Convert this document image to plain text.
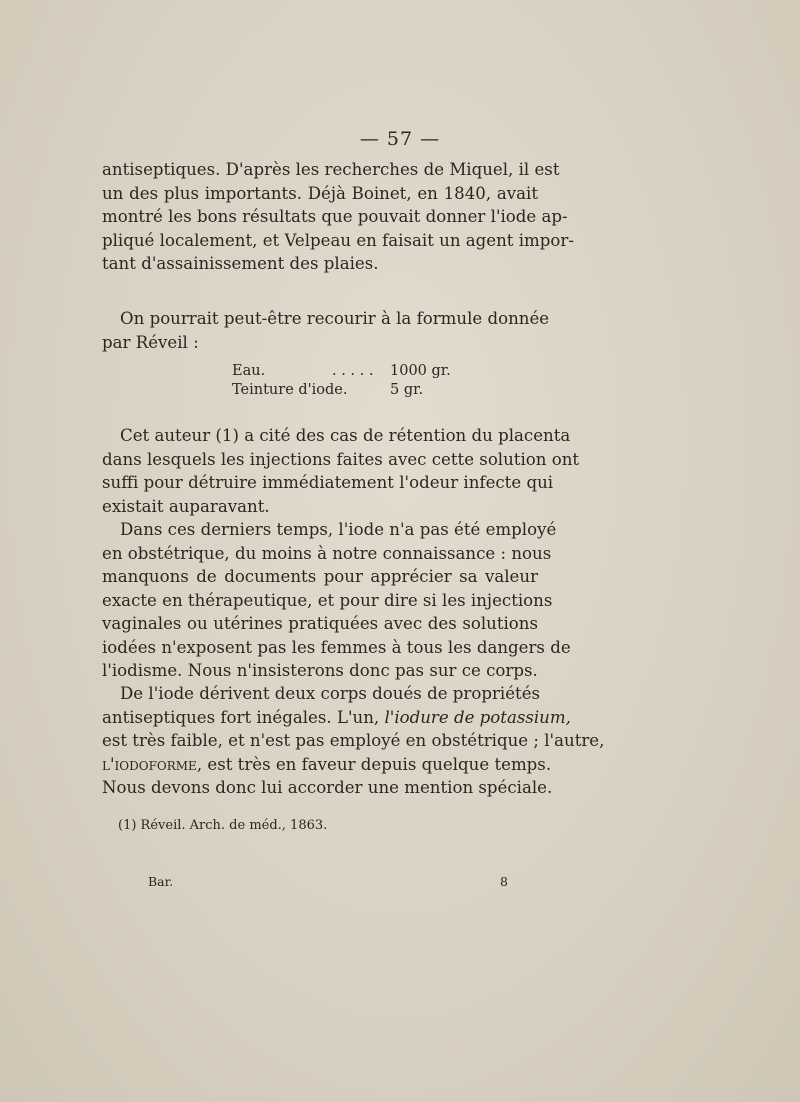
— 57 —
antiseptiques. D'après les recherches de Miquel, il est
un des plus importants. Déjà Boinet, en 1840, avait
montré les bons résultats que pouvait donner l'iode ap-
pliqué localement, et Velpeau en faisait un agent impor-
tant d'assainissement des plaies.
On pourrait peut-être recourir à la formule donnée
par Réveil :
Eau.	. . . . .	1000 gr.
Teinture d'iode.	5 gr.
Cet auteur (1) a cité des cas de rétention du placenta
dans lesquels les injections faites avec cette solution ont
suffi pour détruire immédiatement l'odeur infecte qui
existait auparavant.
Dans ces derniers temps, l'iode n'a pas été employé
en obstétrique, du moins à notre connaissance : nous
manquons de documents pour apprécier sa valeur
exacte en thérapeutique, et pour dire si les injections
vaginales ou utérines pratiquées avec des solutions
iodées n'exposent pas les femmes à tous les dangers de
l'iodisme. Nous n'insisterons donc pas sur ce corps.
De l'iode dérivent deux corps doués de propriétés
antiseptiques fort inégales. L'un, l'iodure de potassium,
est très faible, et n'est pas employé en obstétrique ; l'autre,
l'iodoforme, est très en faveur depuis quelque temps.
Nous devons donc lui accorder une mention spéciale.
(1) Réveil. Arch. de méd., 1863.
Bar.	8
